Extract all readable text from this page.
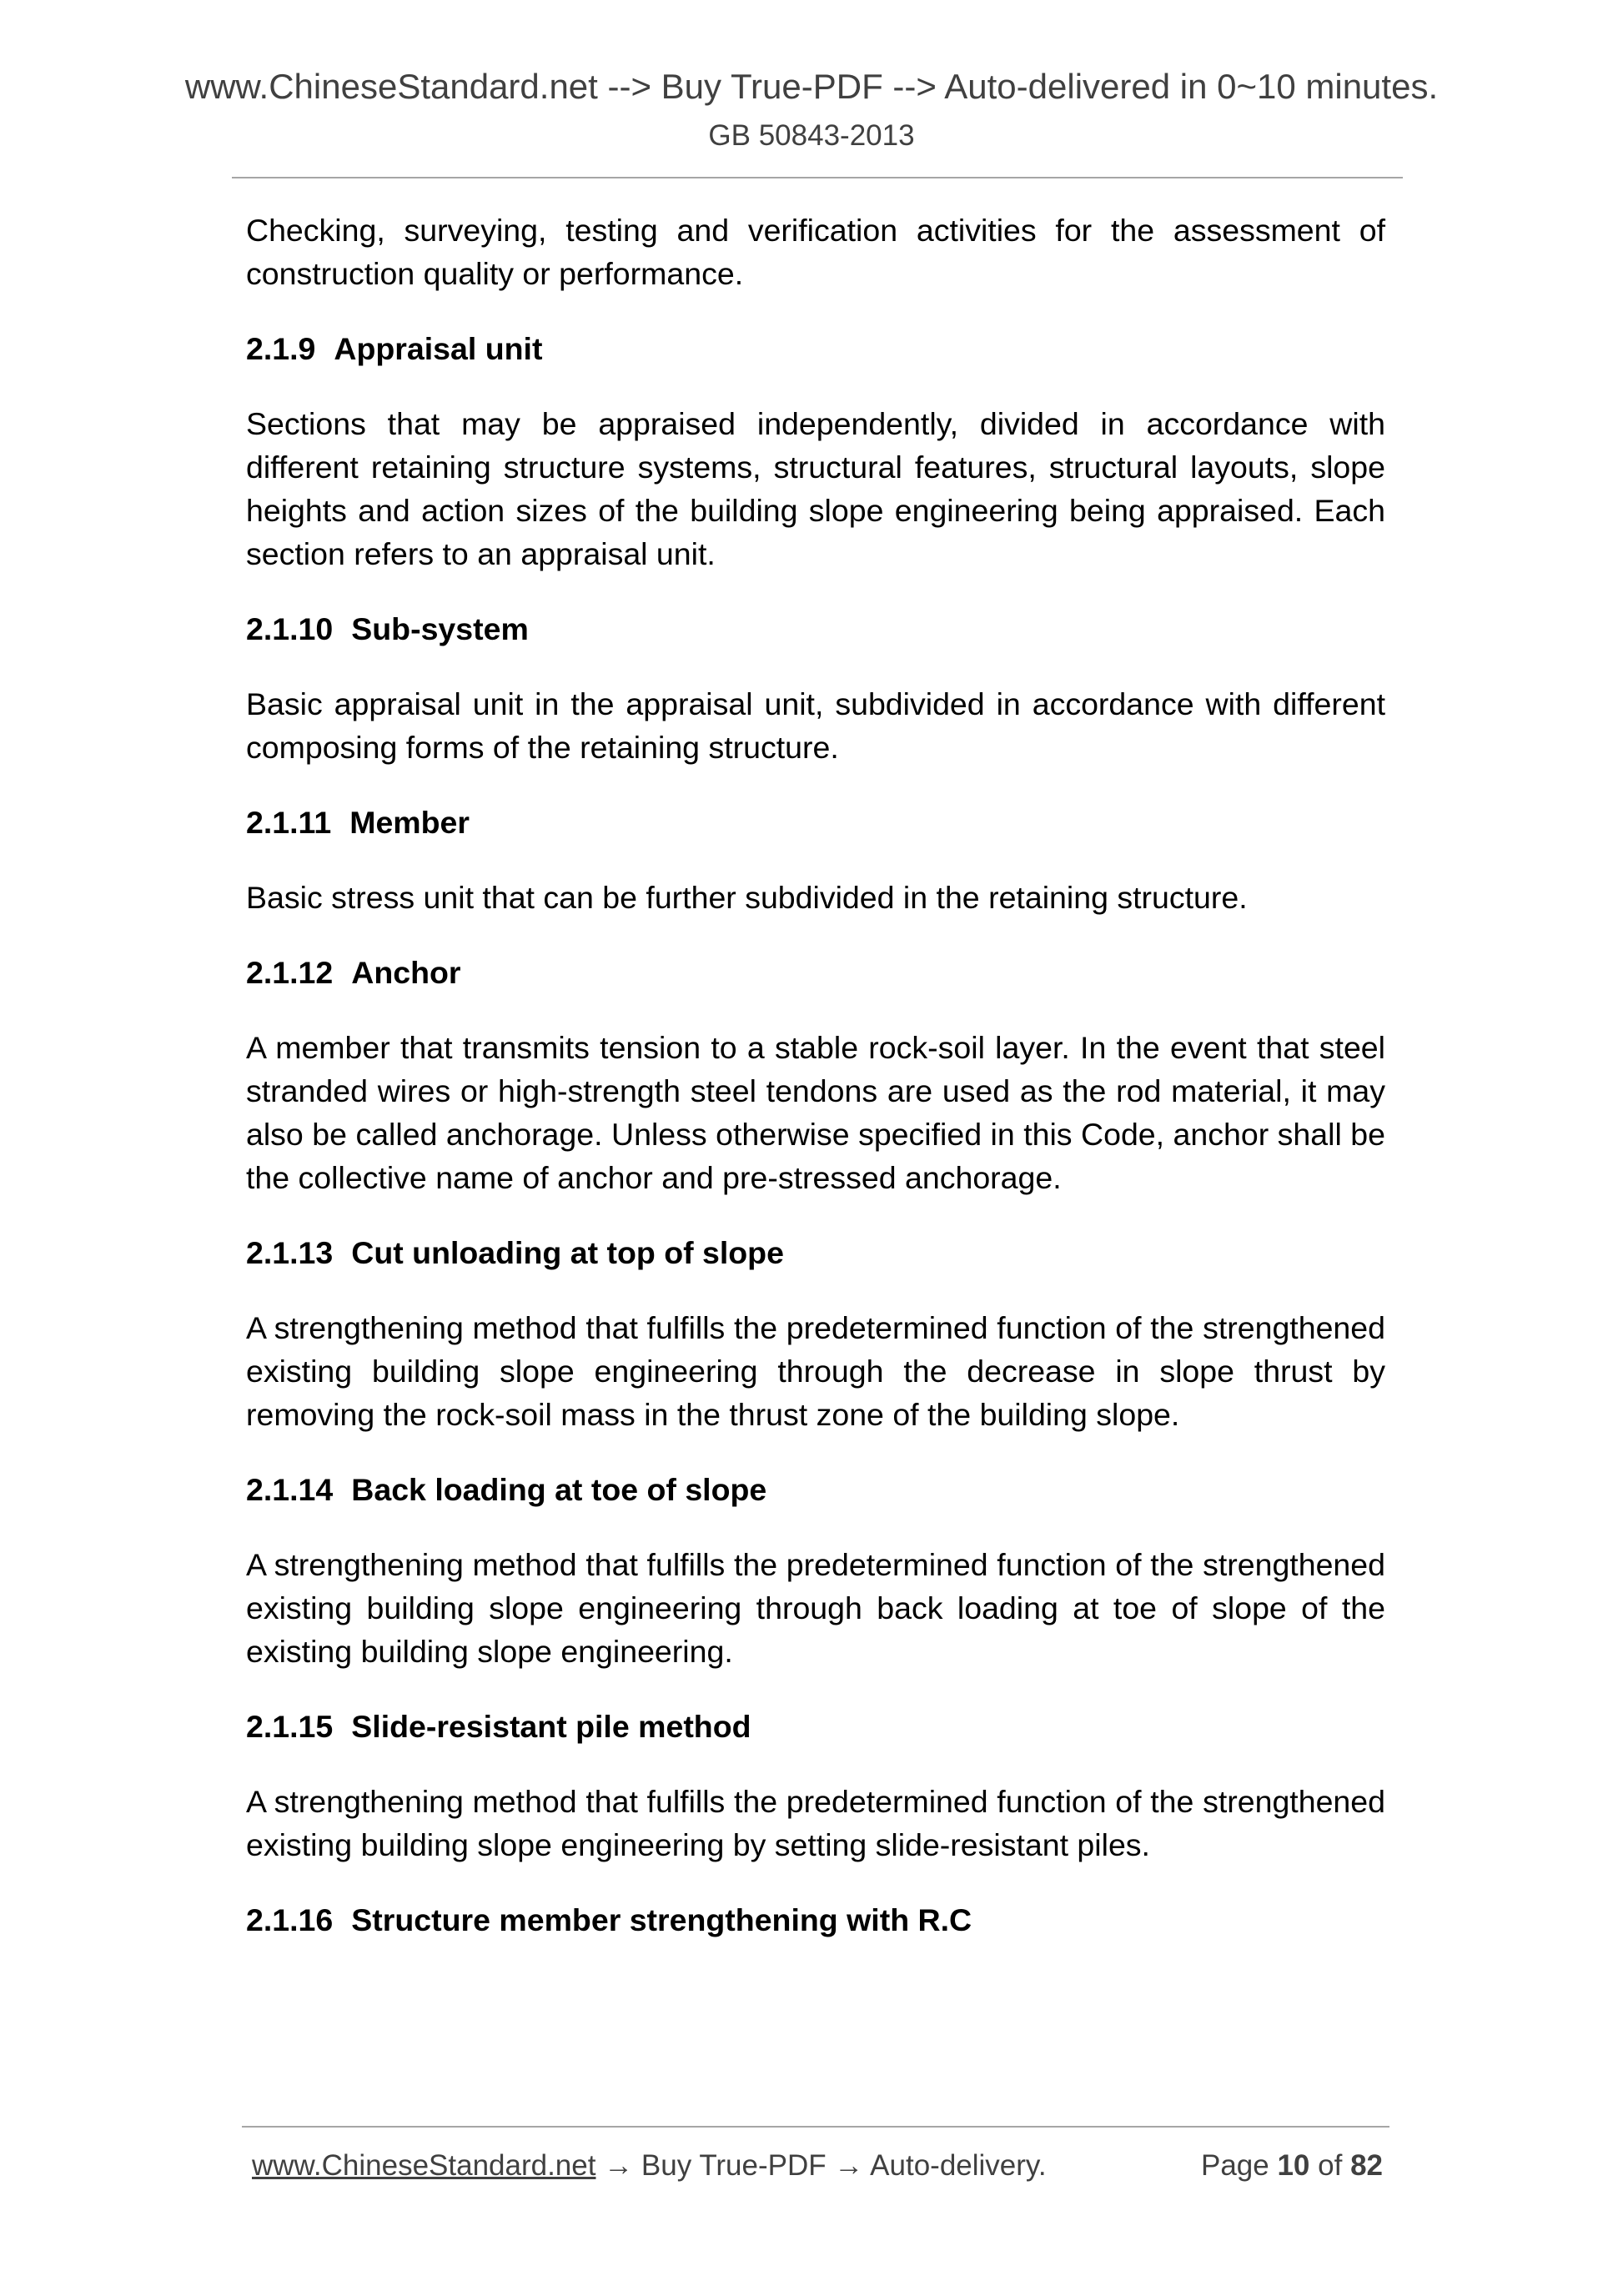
www.ChineseStandard.net --> Buy True-PDF --> Auto-delivered in 0~10 minutes.
GB 50843-2013

Checking, surveying, testing and verification activities for the assessment of construction quality or performance.

2.1.9 Appraisal unit

Sections that may be appraised independently, divided in accordance with different retaining structure systems, structural features, structural layouts, slope heights and action sizes of the building slope engineering being appraised. Each section refers to an appraisal unit.

2.1.10 Sub-system

Basic appraisal unit in the appraisal unit, subdivided in accordance with different composing forms of the retaining structure.

2.1.11 Member

Basic stress unit that can be further subdivided in the retaining structure.

2.1.12 Anchor

A member that transmits tension to a stable rock-soil layer. In the event that steel stranded wires or high-strength steel tendons are used as the rod material, it may also be called anchorage. Unless otherwise specified in this Code, anchor shall be the collective name of anchor and pre-stressed anchorage.

2.1.13 Cut unloading at top of slope

A strengthening method that fulfills the predetermined function of the strengthened existing building slope engineering through the decrease in slope thrust by removing the rock-soil mass in the thrust zone of the building slope.

2.1.14 Back loading at toe of slope

A strengthening method that fulfills the predetermined function of the strengthened existing building slope engineering through back loading at toe of slope of the existing building slope engineering.

2.1.15 Slide-resistant pile method

A strengthening method that fulfills the predetermined function of the strengthened existing building slope engineering by setting slide-resistant piles.

2.1.16 Structure member strengthening with R.C
www.ChineseStandard.net → Buy True-PDF → Auto-delivery.	Page 10 of 82
